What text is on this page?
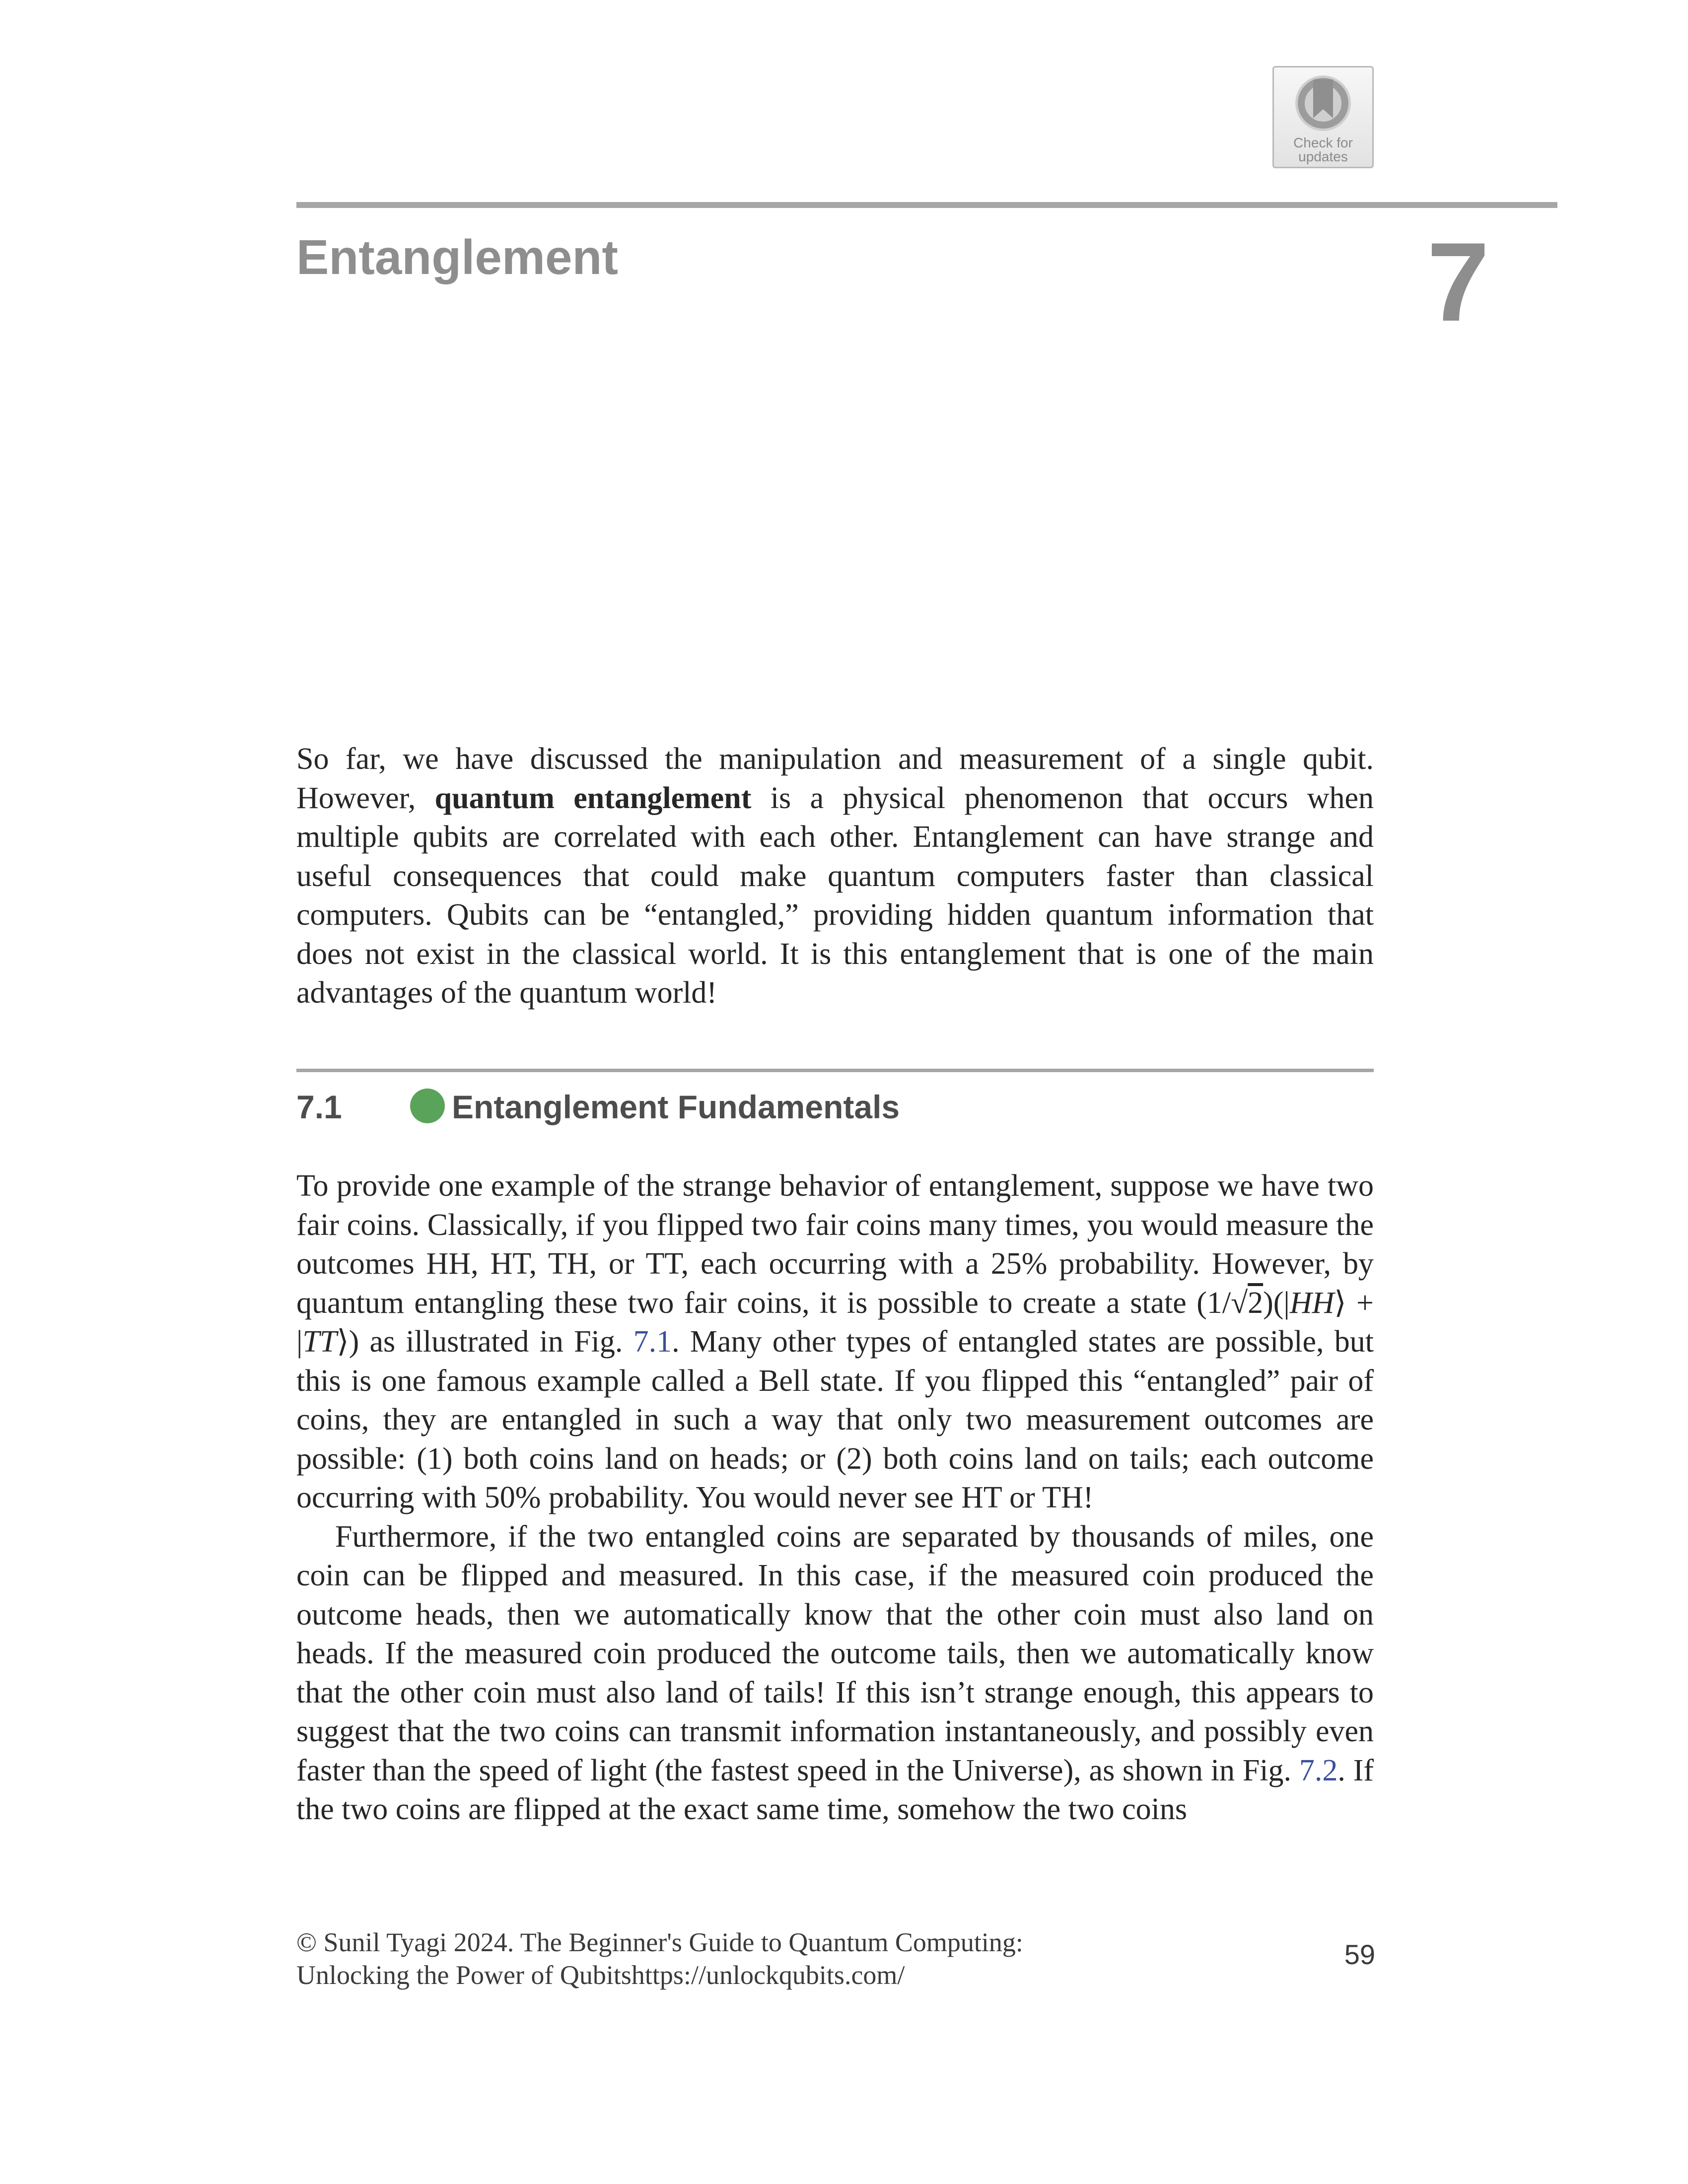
Check for
updates
Entanglement	7

So far, we have discussed the manipulation and measurement of a single qubit. However, quantum entanglement is a physical phenomenon that occurs when multiple qubits are correlated with each other. Entanglement can have strange and useful consequences that could make quantum computers faster than classical computers. Qubits can be “entangled,” providing hidden quantum information that does not exist in the classical world. It is this entanglement that is one of the main advantages of the quantum world!

7.1	Entanglement Fundamentals

To provide one example of the strange behavior of entanglement, suppose we have two fair coins. Classically, if you flipped two fair coins many times, you would measure the outcomes HH, HT, TH, or TT, each occurring with a 25% probability. However, by quantum entangling these two fair coins, it is possible to create a state (1/√2)(|HH⟩ + |TT⟩) as illustrated in Fig. 7.1. Many other types of entangled states are possible, but this is one famous example called a Bell state. If you flipped this “entangled” pair of coins, they are entangled in such a way that only two measurement outcomes are possible: (1) both coins land on heads; or (2) both coins land on tails; each outcome occurring with 50% probability. You would never see HT or TH!

Furthermore, if the two entangled coins are separated by thousands of miles, one coin can be flipped and measured. In this case, if the measured coin produced the outcome heads, then we automatically know that the other coin must also land on heads. If the measured coin produced the outcome tails, then we automatically know that the other coin must also land of tails! If this isn’t strange enough, this appears to suggest that the two coins can transmit information instantaneously, and possibly even faster than the speed of light (the fastest speed in the Universe), as shown in Fig. 7.2. If the two coins are flipped at the exact same time, somehow the two coins

© Sunil Tyagi 2024. The Beginner's Guide to Quantum Computing:
Unlocking the Power of Qubitshttps://unlockqubits.com/
59
